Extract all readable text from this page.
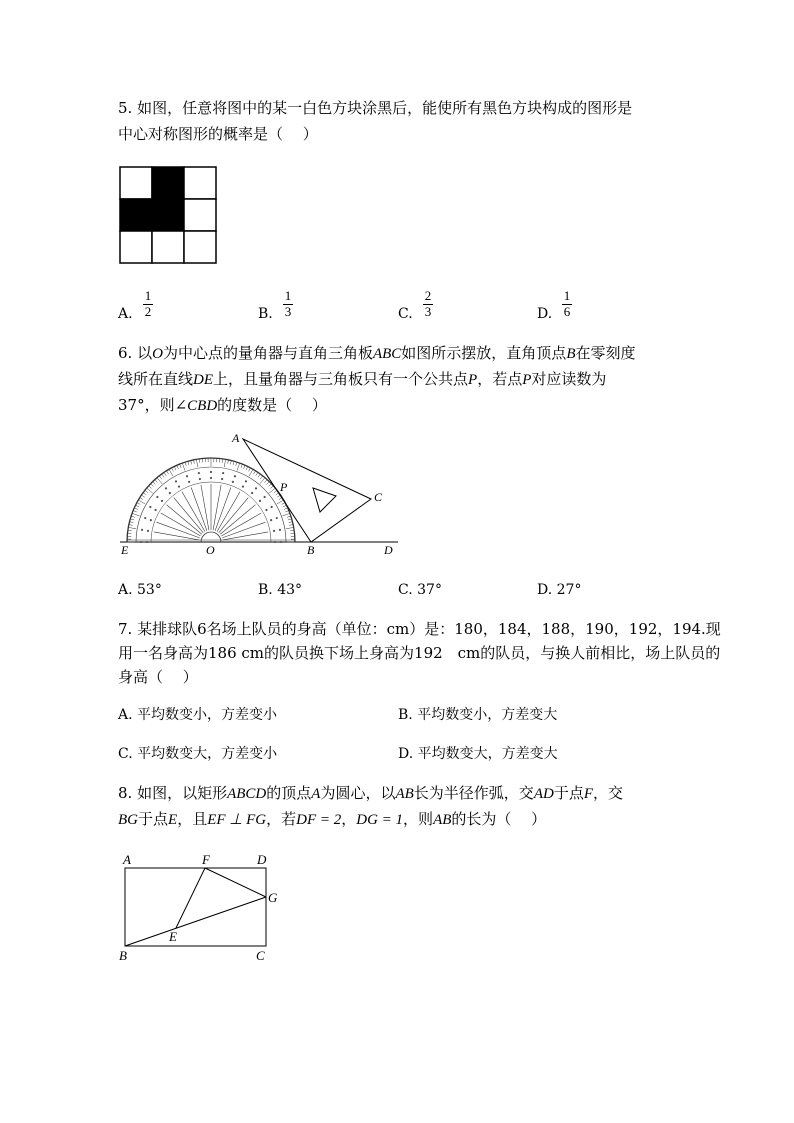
5. 如图，任意将图中的某一白色方块涂黑后，能使所有黑色方块构成的图形是
中心对称图形的概率是（　 ）
A.
1
2	B.
1
3	C.
2
3	D.
1
6
6. 以O为中心点的量角器与直角三角板ABC如图所示摆放，直角顶点B在零刻度
线所在直线DE上，且量角器与三角板只有一个公共点P，若点P对应读数为
37°，则∠CBD的度数是（　 ）
A
P
C
E	O	B	D
A. 53°	B. 43°	C. 37°	D. 27°
7. 某排球队6名场上队员的身高（单位：cm）是：180，184，188，190，192，194.现
用一名身高为186 cm的队员换下场上身高为192　cm的队员，与换人前相比，场上队员的
身高（　 ）
A. 平均数变小，方差变小	B. 平均数变小，方差变大
C. 平均数变大，方差变小	D. 平均数变大，方差变大
8. 如图，以矩形ABCD的顶点A为圆心，以AB长为半径作弧，交AD于点F，交
BG于点E，且EF ⊥ FG，若DF = 2，DG = 1，则AB的长为（　 ）
A	F	D
G
E
B	C
